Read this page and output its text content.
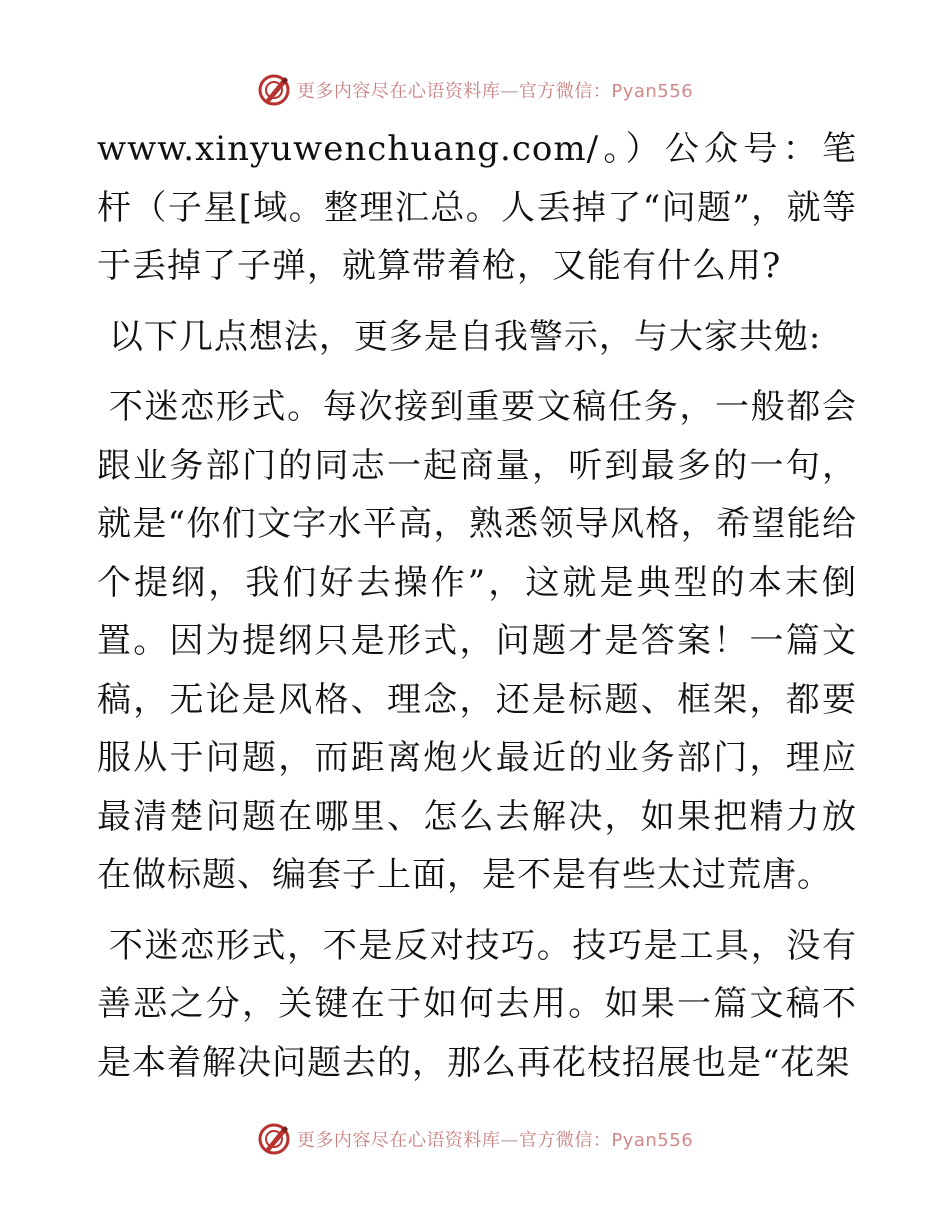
更多内容尽在心语资料库—官方微信：Pyan556

www.xinyuwenchuang.com/。）公众号：笔杆（子星[域。整理汇总。人丢掉了“问题”，就等于丢掉了子弹，就算带着枪，又能有什么用?

以下几点想法，更多是自我警示，与大家共勉:

不迷恋形式。每次接到重要文稿任务，一般都会跟业务部门的同志一起商量，听到最多的一句，就是“你们文字水平高，熟悉领导风格，希望能给个提纲，我们好去操作”，这就是典型的本末倒置。因为提纲只是形式，问题才是答案！一篇文稿，无论是风格、理念，还是标题、框架，都要服从于问题，而距离炮火最近的业务部门，理应最清楚问题在哪里、怎么去解决，如果把精力放在做标题、编套子上面，是不是有些太过荒唐。

不迷恋形式，不是反对技巧。技巧是工具，没有善恶之分，关键在于如何去用。如果一篇文稿不是本着解决问题去的，那么再花枝招展也是“花架

更多内容尽在心语资料库—官方微信：Pyan556
